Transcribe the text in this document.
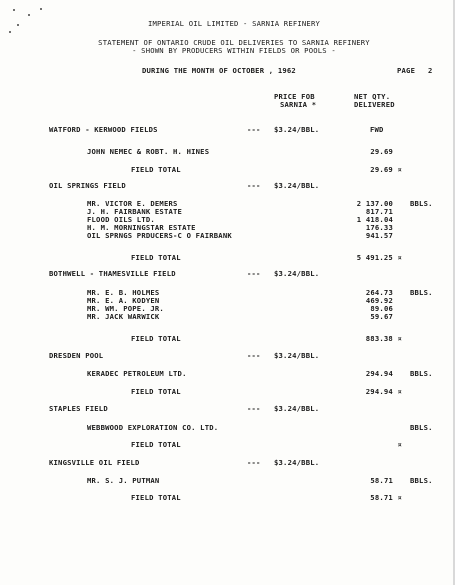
IMPERIAL OIL LIMITED - SARNIA REFINERY
STATEMENT OF ONTARIO CRUDE OIL DELIVERIES TO SARNIA REFINERY
- SHOWN BY PRODUCERS WITHIN FIELDS OR POOLS -
DURING THE MONTH OF OCTOBER , 1962	PAGE 2
PRICE FOB
SARNIA *
NET QTY.
DELIVERED
WATFORD - KERWOOD FIELDS	--- $3.24/BBL.	FWD
JOHN NEMEC & ROBT. H. HINES	29.69
FIELD TOTAL	29.69 ¤
OIL SPRINGS FIELD	--- $3.24/BBL.
MR. VICTOR E. DEMERS	2 137.00 BBLS.
J. H. FAIRBANK ESTATE	817.71
FLOOD OILS LTD.	1 418.04
H. M. MORNINGSTAR ESTATE	176.33
OIL SPRNGS PRDUCERS-C O FAIRBANK	941.57
FIELD TOTAL	5 491.25 ¤
BOTHWELL - THAMESVILLE FIELD	--- $3.24/BBL.
MR. E. B. HOLMES	264.73 BBLS.
MR. E. A. KODYEN	469.92
MR. WM. POPE. JR.	89.06
MR. JACK WARWICK	59.67
FIELD TOTAL	883.38 ¤
DRESDEN POOL	--- $3.24/BBL.
KERADEC PETROLEUM LTD.	294.94 BBLS.
FIELD TOTAL	294.94 ¤
STAPLES FIELD	--- $3.24/BBL.
WEBBWOOD EXPLORATION CO. LTD.	BBLS.
FIELD TOTAL	¤
KINGSVILLE OIL FIELD	--- $3.24/BBL.
MR. S. J. PUTMAN	58.71 BBLS.
FIELD TOTAL	58.71 ¤
